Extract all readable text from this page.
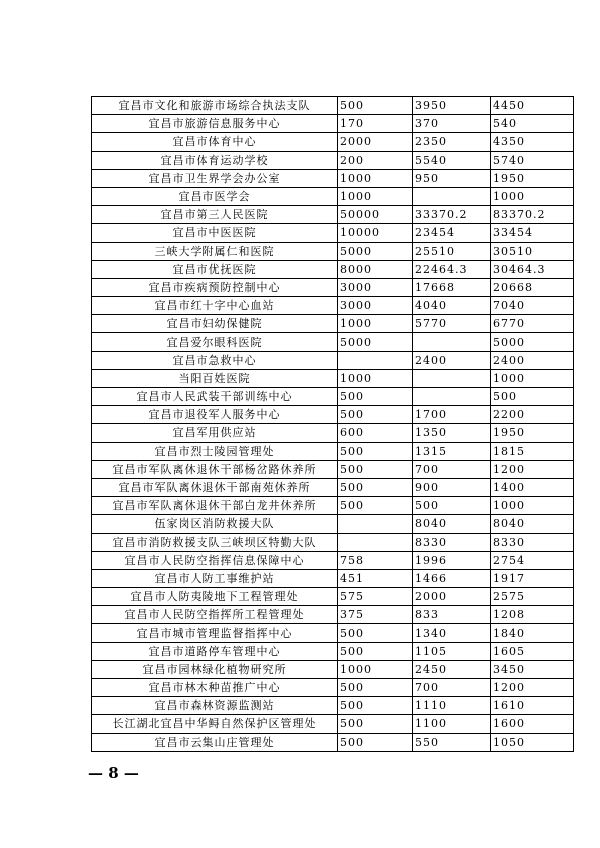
宜昌市文化和旅游市场综合执法支队	500	3950	4450
宜昌市旅游信息服务中心	170	370	540
宜昌市体育中心	2000	2350	4350
宜昌市体育运动学校	200	5540	5740
宜昌市卫生界学会办公室	1000	950	1950
宜昌市医学会	1000		1000
宜昌市第三人民医院	50000	33370.2	83370.2
宜昌市中医医院	10000	23454	33454
三峡大学附属仁和医院	5000	25510	30510
宜昌市优抚医院	8000	22464.3	30464.3
宜昌市疾病预防控制中心	3000	17668	20668
宜昌市红十字中心血站	3000	4040	7040
宜昌市妇幼保健院	1000	5770	6770
宜昌爱尔眼科医院	5000		5000
宜昌市急救中心		2400	2400
当阳百姓医院	1000		1000
宜昌市人民武装干部训练中心	500		500
宜昌市退役军人服务中心	500	1700	2200
宜昌军用供应站	600	1350	1950
宜昌市烈士陵园管理处	500	1315	1815
宜昌市军队离休退休干部杨岔路休养所	500	700	1200
宜昌市军队离休退休干部南苑休养所	500	900	1400
宜昌市军队离休退休干部白龙井休养所	500	500	1000
伍家岗区消防救援大队		8040	8040
宜昌市消防救援支队三峡坝区特勤大队		8330	8330
宜昌市人民防空指挥信息保障中心	758	1996	2754
宜昌市人防工事维护站	451	1466	1917
宜昌市人防夷陵地下工程管理处	575	2000	2575
宜昌市人民防空指挥所工程管理处	375	833	1208
宜昌市城市管理监督指挥中心	500	1340	1840
宜昌市道路停车管理中心	500	1105	1605
宜昌市园林绿化植物研究所	1000	2450	3450
宜昌市林木种苗推广中心	500	700	1200
宜昌市森林资源监测站	500	1110	1610
长江湖北宜昌中华鲟自然保护区管理处	500	1100	1600
宜昌市云集山庄管理处	500	550	1050
— 8 —
